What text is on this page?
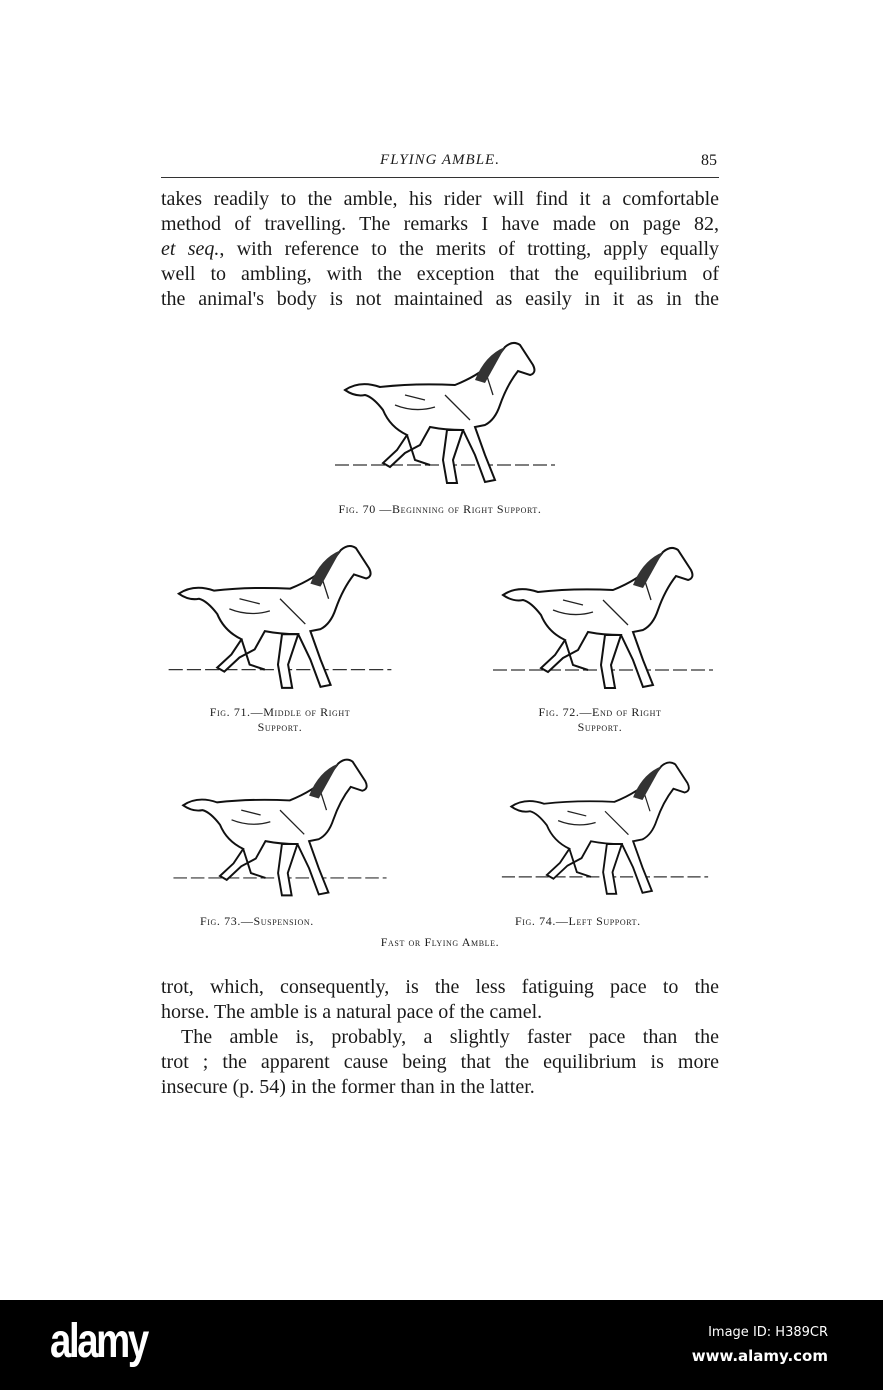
FLYING AMBLE.	85
takes readily to the amble, his rider will find it a comfortable
method of travelling. The remarks I have made on page 82,
et seq., with reference to the merits of trotting, apply equally
well to ambling, with the exception that the equilibrium of
the animal's body is not maintained as easily in it as in the
Fig. 70 —Beginning of Right Support.
Fig. 71.—Middle of Right
Support.
Fig. 72.—End of Right
Support.
Fig. 73.—Suspension.	Fig. 74.—Left Support.
Fast or Flying Amble.
trot, which, consequently, is the less fatiguing pace to the
horse. The amble is a natural pace of the camel.
The amble is, probably, a slightly faster pace than the
trot ; the apparent cause being that the equilibrium is more
insecure (p. 54) in the former than in the latter.
alamy	Image ID: H389CR
www.alamy.com
